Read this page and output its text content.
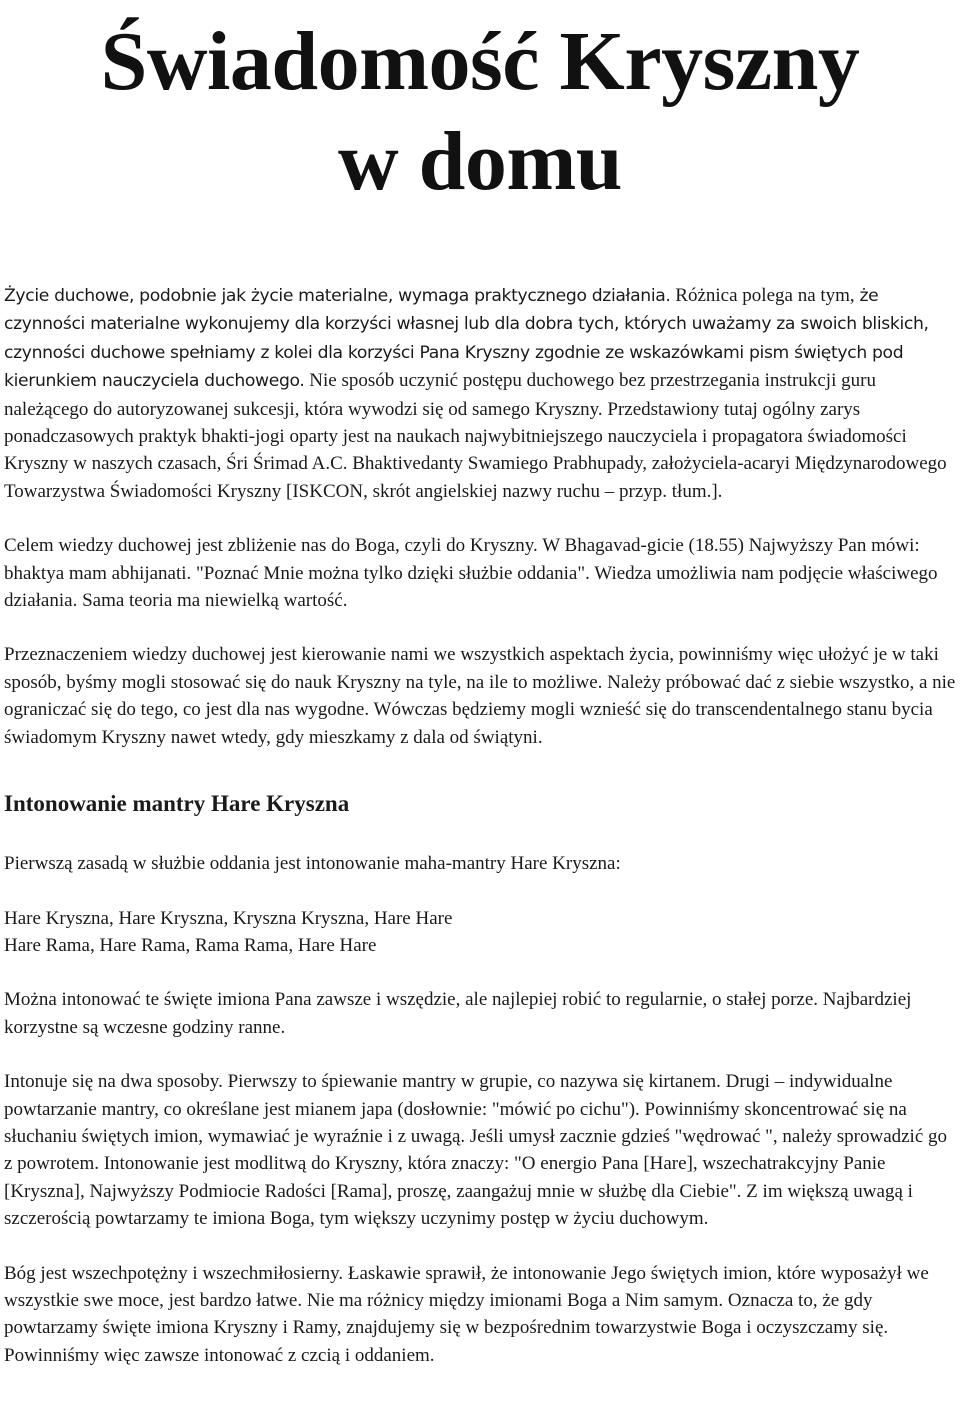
Świadomość Kryszny
w domu

Życie duchowe, podobnie jak życie materialne, wymaga praktycznego działania. Różnica polega na tym, że czynności materialne wykonujemy dla korzyści własnej lub dla dobra tych, których uważamy za swoich bliskich, czynności duchowe spełniamy z kolei dla korzyści Pana Kryszny zgodnie ze wskazówkami pism świętych pod kierunkiem nauczyciela duchowego. Nie sposób uczynić postępu duchowego bez przestrzegania instrukcji guru należącego do autoryzowanej sukcesji, która wywodzi się od samego Kryszny. Przedstawiony tutaj ogólny zarys ponadczasowych praktyk bhakti-jogi oparty jest na naukach najwybitniejszego nauczyciela i propagatora świadomości Kryszny w naszych czasach, Śri Śrimad A.C. Bhaktivedanty Swamiego Prabhupady, założyciela-acaryi Międzynarodowego Towarzystwa Świadomości Kryszny [ISKCON, skrót angielskiej nazwy ruchu – przyp. tłum.].

Celem wiedzy duchowej jest zbliżenie nas do Boga, czyli do Kryszny. W Bhagavad-gicie (18.55) Najwyższy Pan mówi: bhaktya mam abhijanati. "Poznać Mnie można tylko dzięki służbie oddania". Wiedza umożliwia nam podjęcie właściwego działania. Sama teoria ma niewielką wartość.

Przeznaczeniem wiedzy duchowej jest kierowanie nami we wszystkich aspektach życia, powinniśmy więc ułożyć je w taki sposób, byśmy mogli stosować się do nauk Kryszny na tyle, na ile to możliwe. Należy próbować dać z siebie wszystko, a nie ograniczać się do tego, co jest dla nas wygodne. Wówczas będziemy mogli wznieść się do transcendentalnego stanu bycia świadomym Kryszny nawet wtedy, gdy mieszkamy z dala od świątyni.

Intonowanie mantry Hare Kryszna

Pierwszą zasadą w służbie oddania jest intonowanie maha-mantry Hare Kryszna:

Hare Kryszna, Hare Kryszna, Kryszna Kryszna, Hare Hare

Hare Rama, Hare Rama, Rama Rama, Hare Hare

Można intonować te święte imiona Pana zawsze i wszędzie, ale najlepiej robić to regularnie, o stałej porze. Najbardziej korzystne są wczesne godziny ranne.

Intonuje się na dwa sposoby. Pierwszy to śpiewanie mantry w grupie, co nazywa się kirtanem. Drugi – indywidualne powtarzanie mantry, co określane jest mianem japa (dosłownie: "mówić po cichu"). Powinniśmy skoncentrować się na słuchaniu świętych imion, wymawiać je wyraźnie i z uwagą. Jeśli umysł zacznie gdzieś "wędrować ", należy sprowadzić go z powrotem. Intonowanie jest modlitwą do Kryszny, która znaczy: "O energio Pana [Hare], wszechatrakcyjny Panie [Kryszna], Najwyższy Podmiocie Radości [Rama], proszę, zaangażuj mnie w służbę dla Ciebie". Z im większą uwagą i szczerością powtarzamy te imiona Boga, tym większy uczynimy postęp w życiu duchowym.

Bóg jest wszechpotężny i wszechmiłosierny. Łaskawie sprawił, że intonowanie Jego świętych imion, które wyposażył we wszystkie swe moce, jest bardzo łatwe. Nie ma różnicy między imionami Boga a Nim samym. Oznacza to, że gdy powtarzamy święte imiona Kryszny i Ramy, znajdujemy się w bezpośrednim towarzystwie Boga i oczyszczamy się. Powinniśmy więc zawsze intonować z czcią i oddaniem.
